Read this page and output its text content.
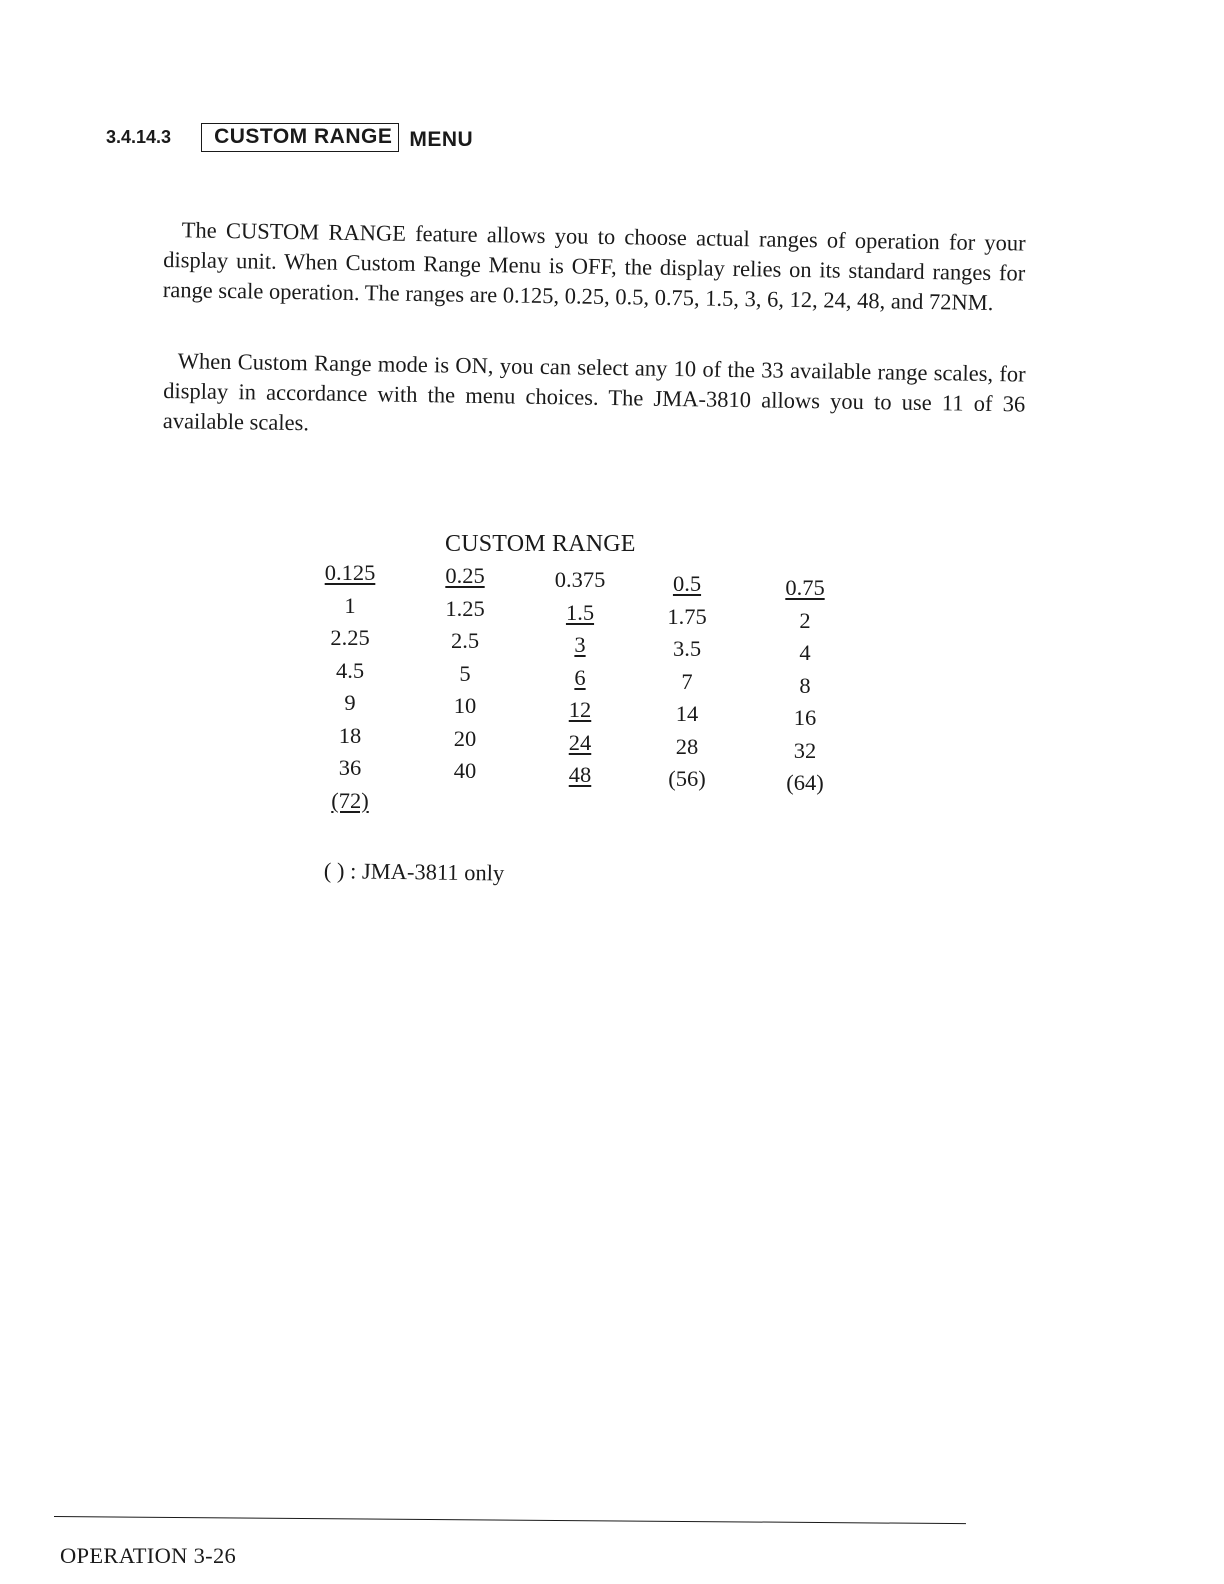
3.4.14.3	CUSTOM RANGE MENU

The CUSTOM RANGE feature allows you to choose actual ranges of operation for your display unit. When Custom Range Menu is OFF, the display relies on its standard ranges for range scale operation. The ranges are 0.125, 0.25, 0.5, 0.75, 1.5, 3, 6, 12, 24, 48, and 72NM.

When Custom Range mode is ON, you can select any 10 of the 33 available range scales, for display in accordance with the menu choices. The JMA-3810 allows you to use 11 of 36 available scales.

CUSTOM RANGE
0.125
1
2.25
4.5
9
18
36
(72)
0.25
1.25
2.5
5
10
20
40
0.375
1.5
3
6
12
24
48
0.5
1.75
3.5
7
14
28
(56)
0.75
2
4
8
16
32
(64)
( ) : JMA-3811 only
OPERATION 3-26
